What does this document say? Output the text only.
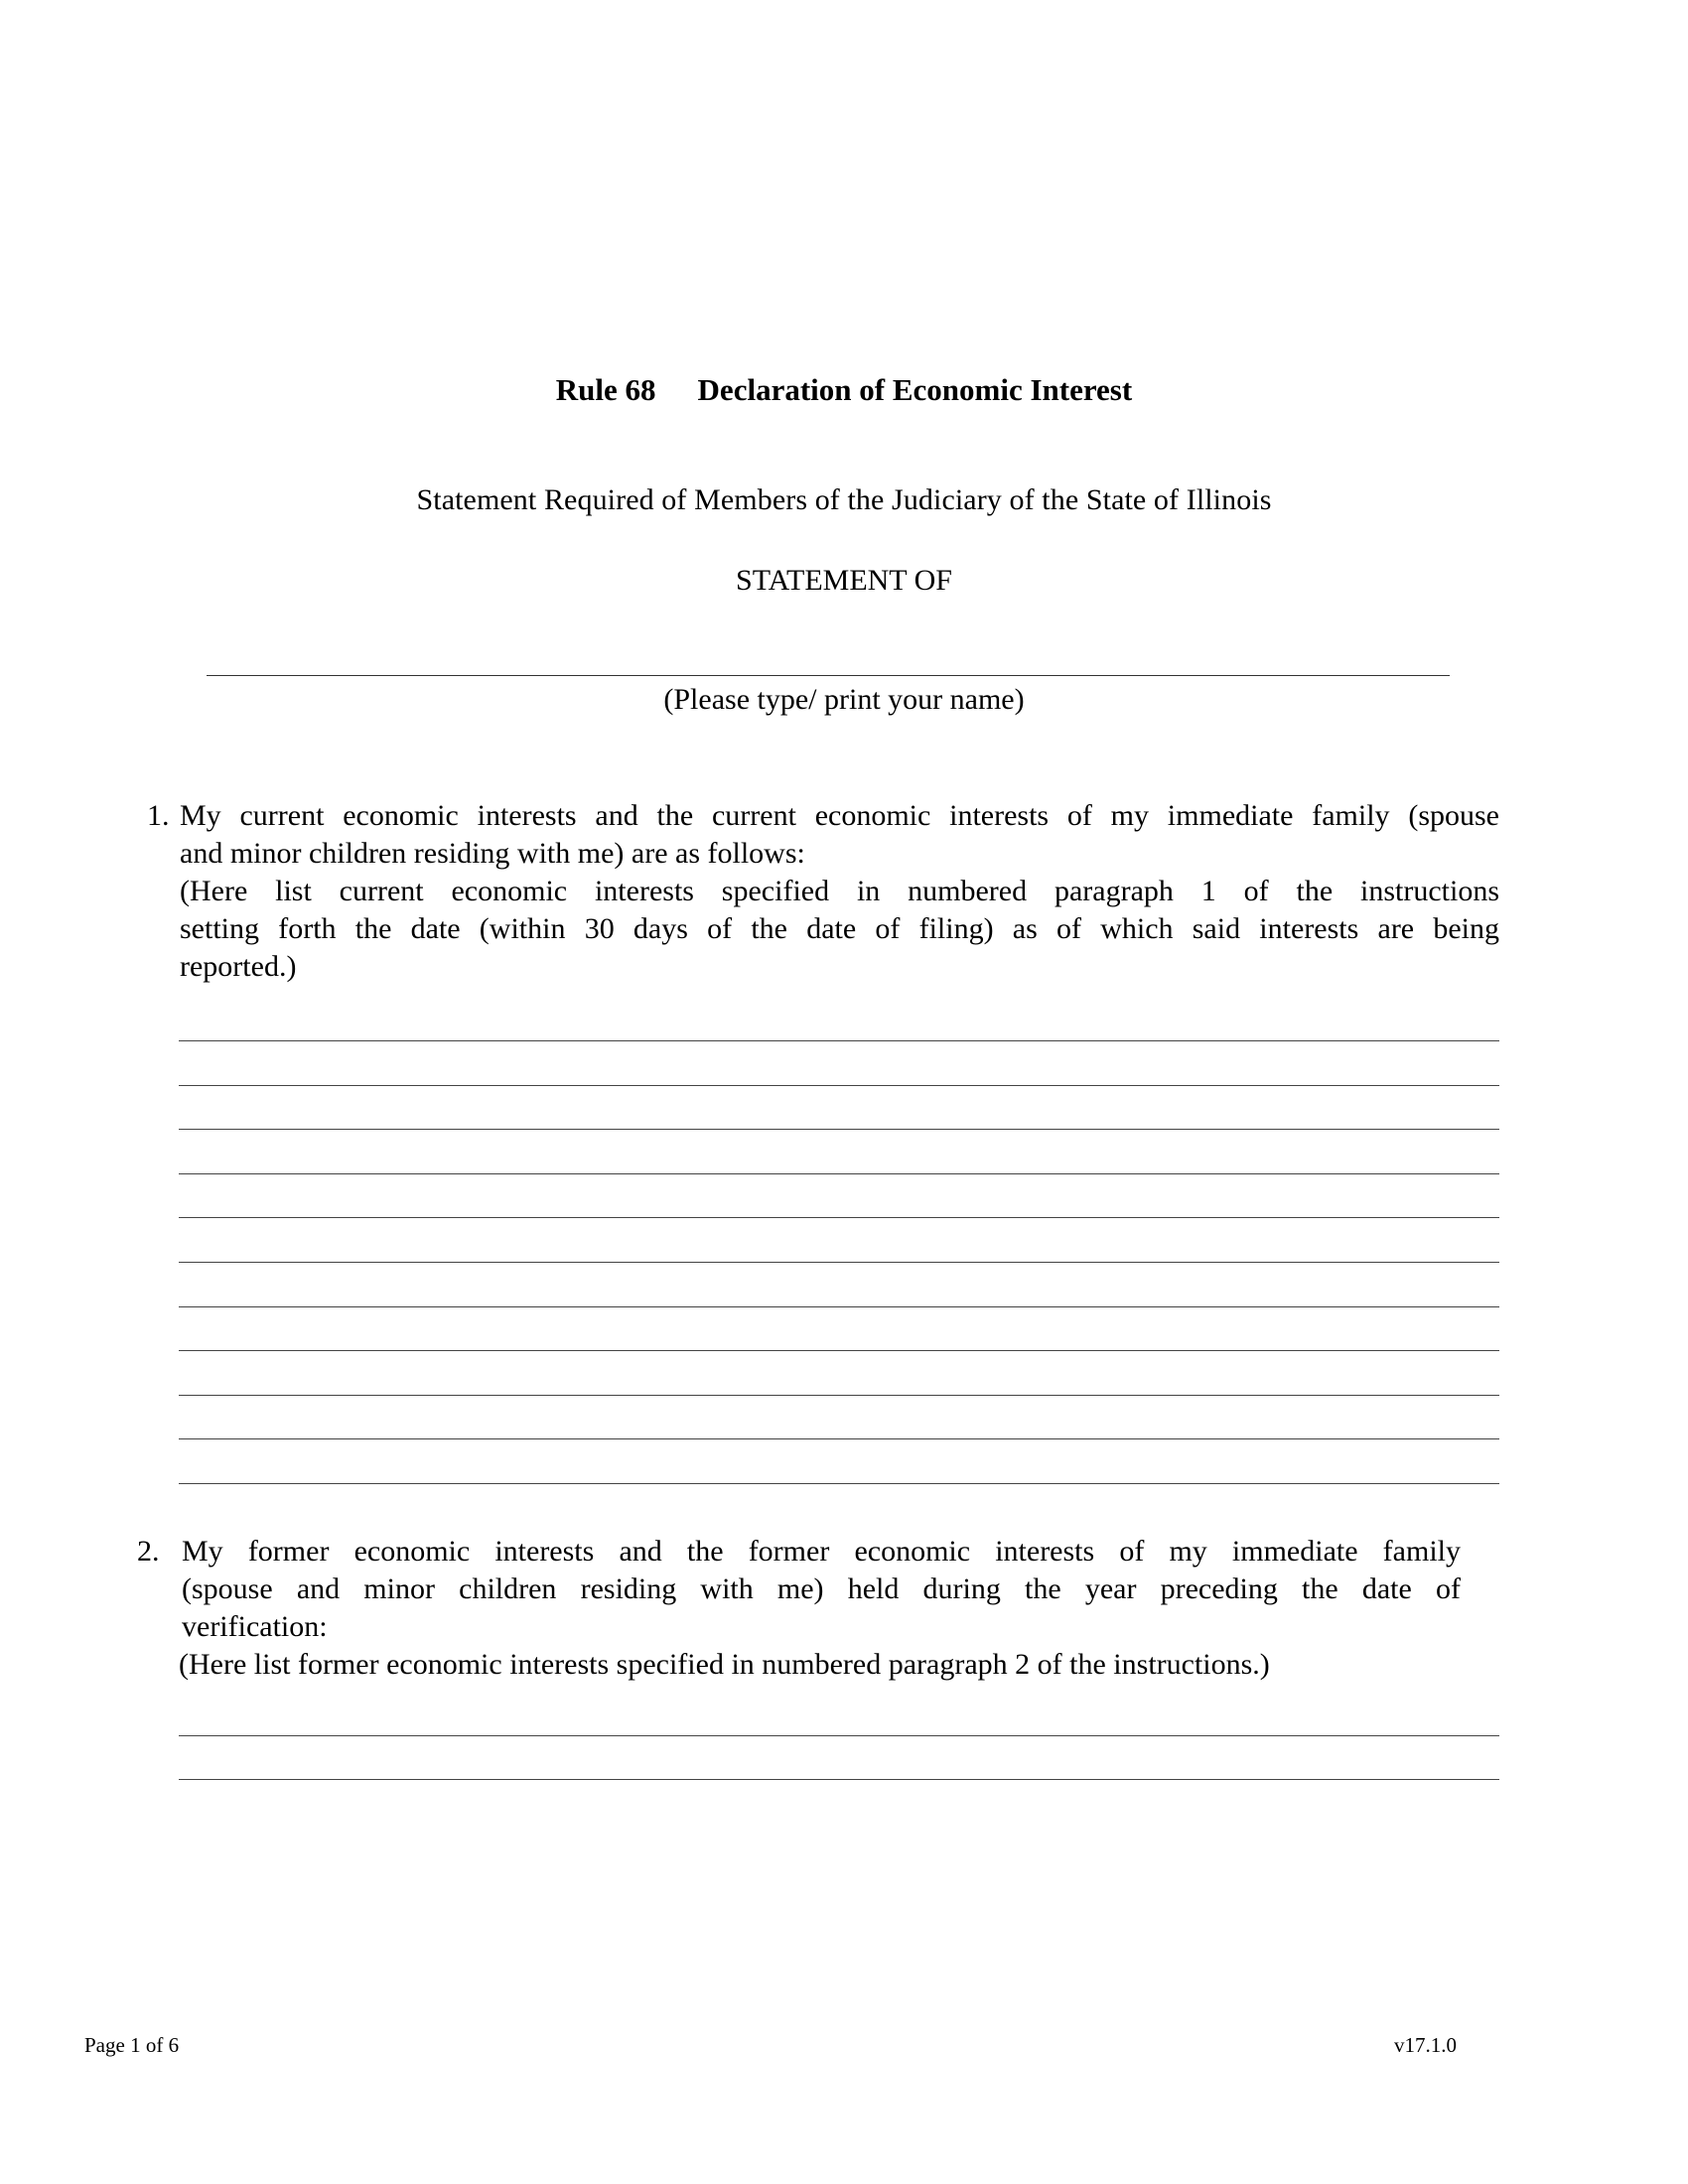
Rule 68 Declaration of Economic Interest
Statement Required of Members of the Judiciary of the State of Illinois
STATEMENT OF
(Please type/ print your name)
1. My current economic interests and the current economic interests of my immediate family (spouse
and minor children residing with me) are as follows:
(Here list current economic interests specified in numbered paragraph 1 of the instructions
setting forth the date (within 30 days of the date of filing) as of which said interests are being
reported.)
2. My former economic interests and the former economic interests of my immediate family
(spouse and minor children residing with me) held during the year preceding the date of
verification:
(Here list former economic interests specified in numbered paragraph 2 of the instructions.)
Page 1 of 6	v17.1.0
